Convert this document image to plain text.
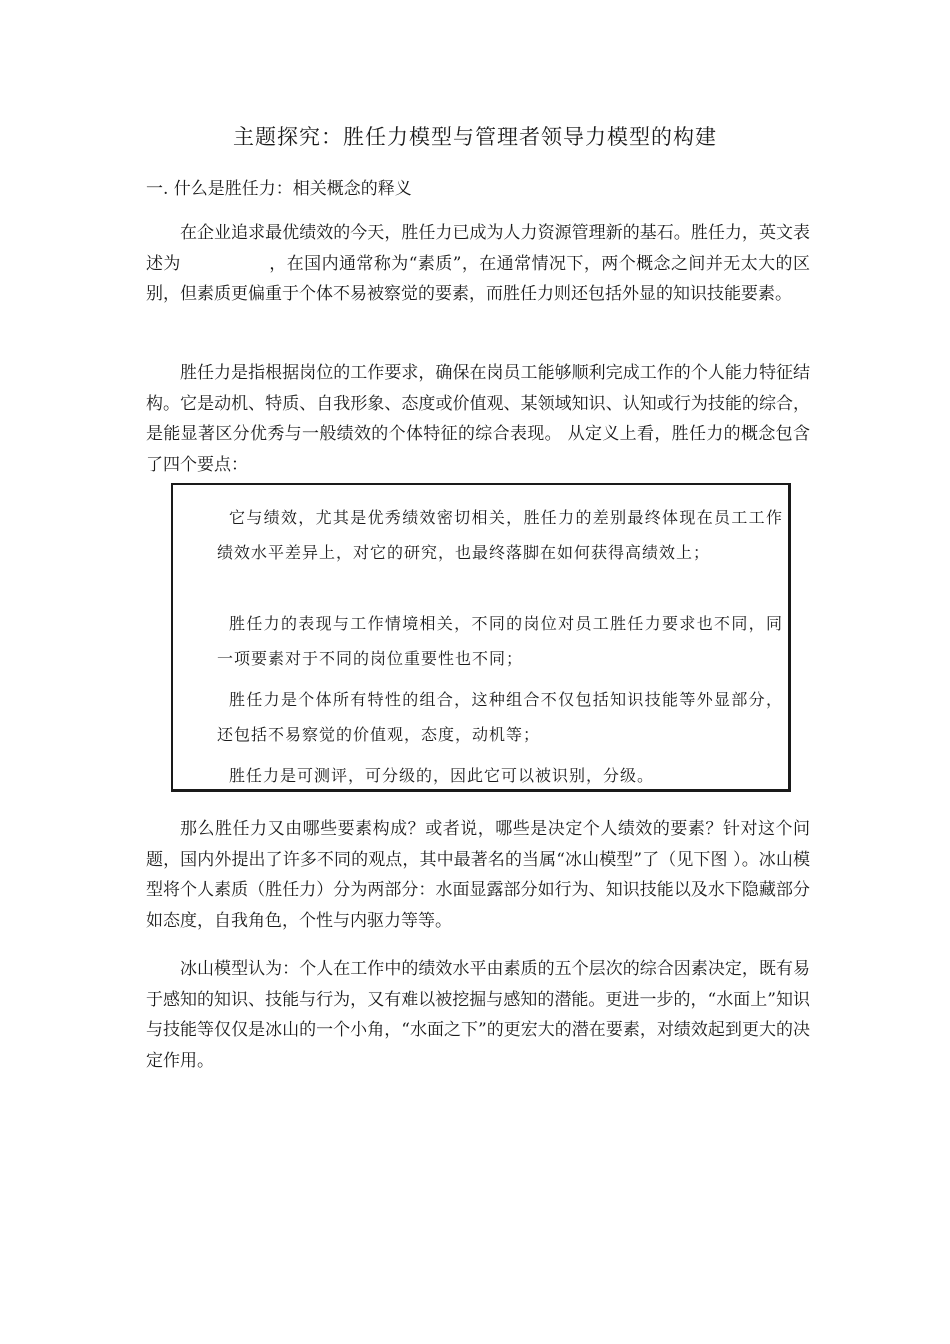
主题探究：胜任力模型与管理者领导力模型的构建
一. 什么是胜任力：相关概念的释义
在企业追求最优绩效的今天，胜任力已成为人力资源管理新的基石。胜任力，英文表述为	，在国内通常称为“素质”，在通常情况下，两个概念之间并无太大的区别，但素质更偏重于个体不易被察觉的要素，而胜任力则还包括外显的知识技能要素。
胜任力是指根据岗位的工作要求，确保在岗员工能够顺利完成工作的个人能力特征结构。它是动机、特质、自我形象、态度或价值观、某领域知识、认知或行为技能的综合，是能显著区分优秀与一般绩效的个体特征的综合表现。 从定义上看，胜任力的概念包含了四个要点：
它与绩效，尤其是优秀绩效密切相关，胜任力的差别最终体现在员工工作绩效水平差异上，对它的研究，也最终落脚在如何获得高绩效上；
胜任力的表现与工作情境相关，不同的岗位对员工胜任力要求也不同，同一项要素对于不同的岗位重要性也不同；
胜任力是个体所有特性的组合，这种组合不仅包括知识技能等外显部分，还包括不易察觉的价值观，态度，动机等；
胜任力是可测评，可分级的，因此它可以被识别，分级。
那么胜任力又由哪些要素构成？或者说，哪些是决定个人绩效的要素？针对这个问题，国内外提出了许多不同的观点，其中最著名的当属“冰山模型”了（见下图 ）。冰山模型将个人素质（胜任力）分为两部分：水面显露部分如行为、知识技能以及水下隐藏部分如态度，自我角色，个性与内驱力等等。
冰山模型认为：个人在工作中的绩效水平由素质的五个层次的综合因素决定，既有易于感知的知识、技能与行为，又有难以被挖掘与感知的潜能。更进一步的，“水面上”知识与技能等仅仅是冰山的一个小角，“水面之下”的更宏大的潜在要素，对绩效起到更大的决定作用。
